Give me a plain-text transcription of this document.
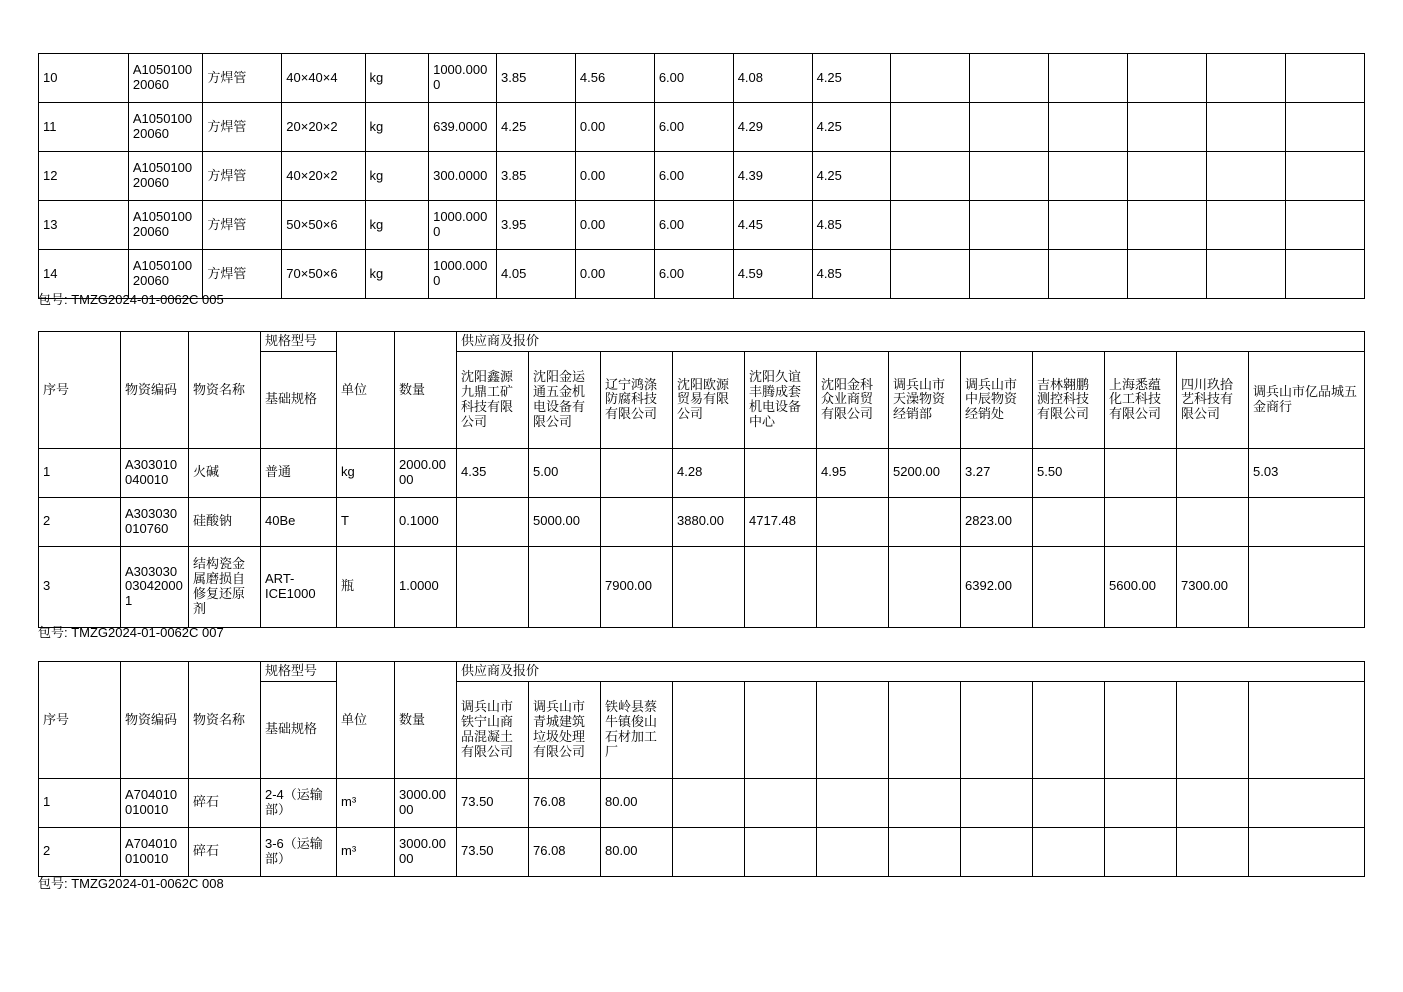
10	A105010020060	方焊管	40×40×4	kg	1000.0000	3.85	4.56	6.00	4.08	4.25						
11	A105010020060	方焊管	20×20×2	kg	639.0000	4.25	0.00	6.00	4.29	4.25						
12	A105010020060	方焊管	40×20×2	kg	300.0000	3.85	0.00	6.00	4.39	4.25						
13	A105010020060	方焊管	50×50×6	kg	1000.0000	3.95	0.00	6.00	4.45	4.85						
14	A105010020060	方焊管	70×50×6	kg	1000.0000	4.05	0.00	6.00	4.59	4.85						
包号: TMZG2024-01-0062C 005
序号	物资编码	物资名称	规格型号	单位	数量	供应商及报价											
			基础规格			沈阳鑫源九鼎工矿科技有限公司	沈阳金运通五金机电设备有限公司	辽宁鸿涤防腐科技有限公司	沈阳欧源贸易有限公司	沈阳久谊丰腾成套机电设备中心	沈阳金科众业商贸有限公司	调兵山市天澡物资经销部	调兵山市中辰物资经销处	吉林翱鹏测控科技有限公司	上海悉蕴化工科技有限公司	四川玖拾艺科技有限公司	调兵山市亿品城五金商行
1	A303010040010	火碱	普通	kg	2000.0000	4.35	5.00		4.28		4.95	5200.00	3.27	5.50			5.03
2	A303030010760	硅酸钠	40Be	T	0.1000		5000.00		3880.00	4717.48			2823.00				
3	A303030030420001	结构瓷金属磨损自修复还原剂	ART-ICE1000	瓶	1.0000			7900.00					6392.00		5600.00	7300.00	
包号: TMZG2024-01-0062C 007
序号	物资编码	物资名称	规格型号	单位	数量	供应商及报价											
			基础规格			调兵山市铁宁山商品混凝土有限公司	调兵山市青城建筑垃圾处理有限公司	铁岭县蔡牛镇俊山石材加工厂									
1	A704010010010	碎石	2-4（运输部）	m³	3000.0000	73.50	76.08	80.00									
2	A704010010010	碎石	3-6（运输部）	m³	3000.0000	73.50	76.08	80.00									
包号: TMZG2024-01-0062C 008
